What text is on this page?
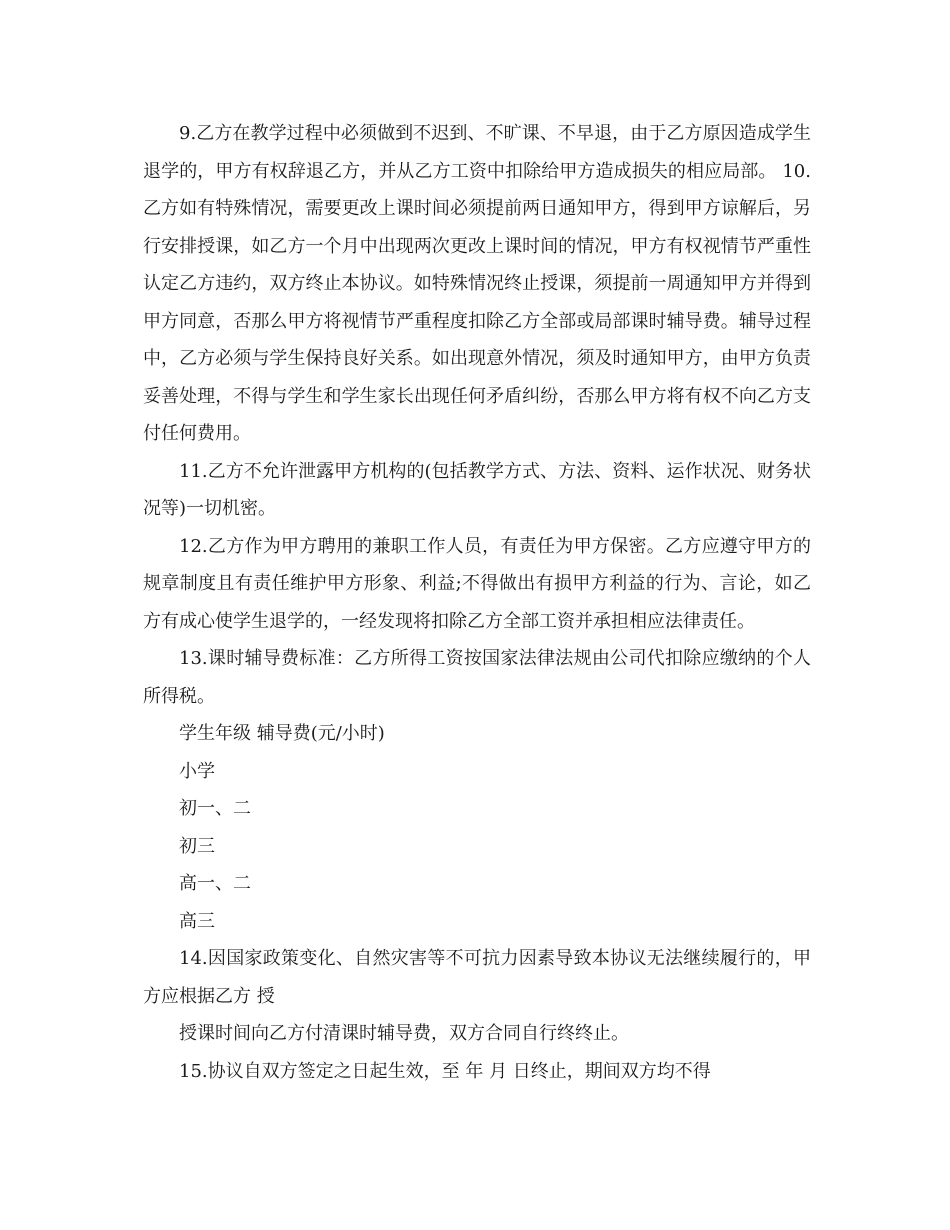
9.乙方在教学过程中必须做到不迟到、不旷课、不早退，由于乙方原因造成学生退学的，甲方有权辞退乙方，并从乙方工资中扣除给甲方造成损失的相应局部。 10.乙方如有特殊情况，需要更改上课时间必须提前两日通知甲方，得到甲方谅解后，另行安排授课，如乙方一个月中出现两次更改上课时间的情况，甲方有权视情节严重性认定乙方违约，双方终止本协议。如特殊情况终止授课，须提前一周通知甲方并得到甲方同意，否那么甲方将视情节严重程度扣除乙方全部或局部课时辅导费。辅导过程中，乙方必须与学生保持良好关系。如出现意外情况，须及时通知甲方，由甲方负责妥善处理，不得与学生和学生家长出现任何矛盾纠纷，否那么甲方将有权不向乙方支付任何费用。

11.乙方不允许泄露甲方机构的(包括教学方式、方法、资料、运作状况、财务状况等)一切机密。

12.乙方作为甲方聘用的兼职工作人员，有责任为甲方保密。乙方应遵守甲方的规章制度且有责任维护甲方形象、利益;不得做出有损甲方利益的行为、言论，如乙方有成心使学生退学的，一经发现将扣除乙方全部工资并承担相应法律责任。

13.课时辅导费标准：乙方所得工资按国家法律法规由公司代扣除应缴纳的个人所得税。

学生年级 辅导费(元/小时)

小学

初一、二

初三

高一、二

高三

14.因国家政策变化、自然灾害等不可抗力因素导致本协议无法继续履行的，甲方应根据乙方 授

授课时间向乙方付清课时辅导费，双方合同自行终终止。

15.协议自双方签定之日起生效，至 年 月 日终止，期间双方均不得
